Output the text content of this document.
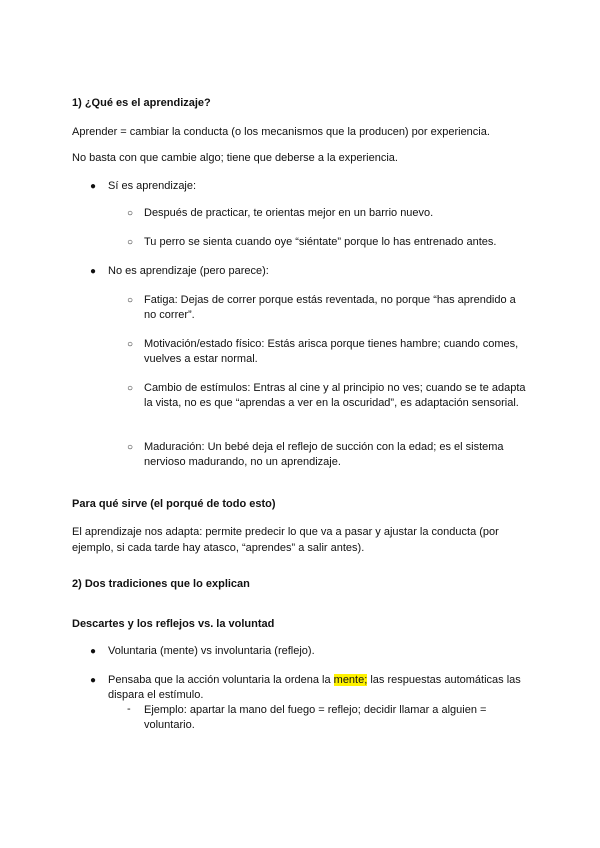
1) ¿Qué es el aprendizaje?

Aprender = cambiar la conducta (o los mecanismos que la producen) por experiencia.

No basta con que cambie algo; tiene que deberse a la experiencia.

● Sí es aprendizaje:

○ Después de practicar, te orientas mejor en un barrio nuevo.

○ Tu perro se sienta cuando oye “siéntate” porque lo has entrenado antes.

● No es aprendizaje (pero parece):

○ Fatiga: Dejas de correr porque estás reventada, no porque “has aprendido a no correr”.

○ Motivación/estado físico: Estás arisca porque tienes hambre; cuando comes, vuelves a estar normal.

○ Cambio de estímulos: Entras al cine y al principio no ves; cuando se te adapta la vista, no es que “aprendas a ver en la oscuridad”, es adaptación sensorial.

○ Maduración: Un bebé deja el reflejo de succión con la edad; es el sistema nervioso madurando, no un aprendizaje.

Para qué sirve (el porqué de todo esto)

El aprendizaje nos adapta: permite predecir lo que va a pasar y ajustar la conducta (por ejemplo, si cada tarde hay atasco, “aprendes” a salir antes).

2) Dos tradiciones que lo explican

Descartes y los reflejos vs. la voluntad

● Voluntaria (mente) vs involuntaria (reflejo).

● Pensaba que la acción voluntaria la ordena la mente; las respuestas automáticas las dispara el estímulo.

- Ejemplo: apartar la mano del fuego = reflejo; decidir llamar a alguien = voluntario.
